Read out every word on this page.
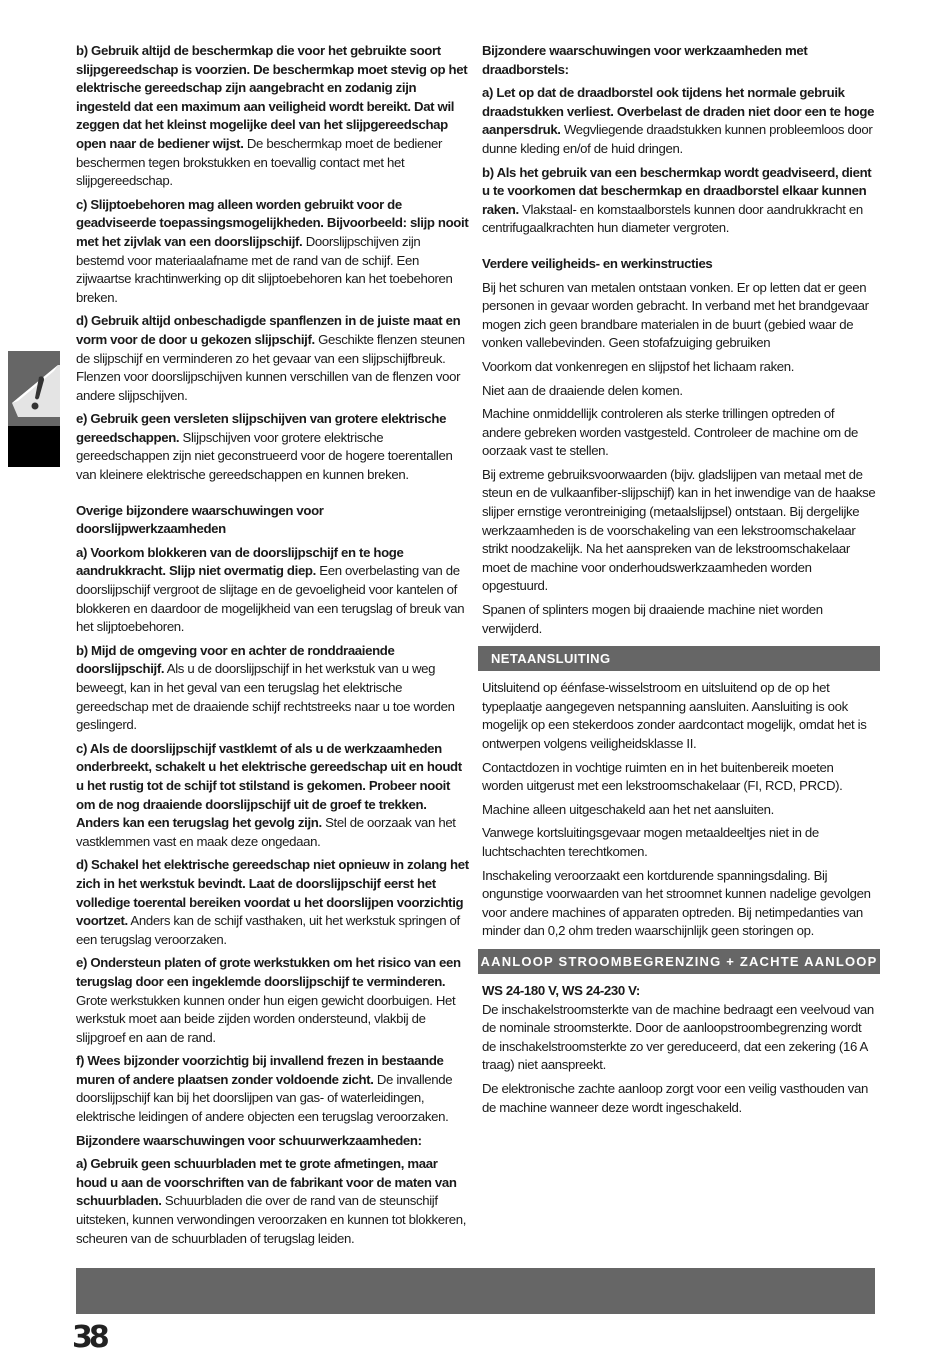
b) Gebruik altijd de beschermkap die voor het gebruikte soort slijpgereedschap is voorzien. De beschermkap moet stevig op het elektrische gereedschap zijn aangebracht en zodanig zijn ingesteld dat een maximum aan veiligheid wordt bereikt. Dat wil zeggen dat het kleinst mogelijke deel van het slijpgereedschap open naar de bediener wijst. De beschermkap moet de bediener beschermen tegen brokstukken en toevallig contact met het slijpgereedschap.

c) Slijptoebehoren mag alleen worden gebruikt voor de geadviseerde toepassingsmogelijkheden. Bijvoorbeeld: slijp nooit met het zijvlak van een doorslijpschijf. Doorslijpschijven zijn bestemd voor materiaalafname met de rand van de schijf. Een zijwaartse krachtinwerking op dit slijptoebehoren kan het toebehoren breken.

d) Gebruik altijd onbeschadigde spanflenzen in de juiste maat en vorm voor de door u gekozen slijpschijf. Geschikte flenzen steunen de slijpschijf en verminderen zo het gevaar van een slijpschijfbreuk. Flenzen voor doorslijpschijven kunnen verschillen van de flenzen voor andere slijpschijven.

e) Gebruik geen versleten slijpschijven van grotere elektrische gereedschappen. Slijpschijven voor grotere elektrische gereedschappen zijn niet geconstrueerd voor de hogere toerentallen van kleinere elektrische gereedschappen en kunnen breken.

Overige bijzondere waarschuwingen voor doorslijpwerkzaamheden

a) Voorkom blokkeren van de doorslijpschijf en te hoge aandrukkracht. Slijp niet overmatig diep. Een overbelasting van de doorslijpschijf vergroot de slijtage en de gevoeligheid voor kantelen of blokkeren en daardoor de mogelijkheid van een terugslag of breuk van het slijptoebehoren.

b) Mijd de omgeving voor en achter de ronddraaiende doorslijpschijf. Als u de doorslijpschijf in het werkstuk van u weg beweegt, kan in het geval van een terugslag het elektrische gereedschap met de draaiende schijf rechtstreeks naar u toe worden geslingerd.

c) Als de doorslijpschijf vastklemt of als u de werkzaamheden onderbreekt, schakelt u het elektrische gereedschap uit en houdt u het rustig tot de schijf tot stilstand is gekomen. Probeer nooit om de nog draaiende doorslijpschijf uit de groef te trekken. Anders kan een terugslag het gevolg zijn. Stel de oorzaak van het vastklemmen vast en maak deze ongedaan.

d) Schakel het elektrische gereedschap niet opnieuw in zolang het zich in het werkstuk bevindt. Laat de doorslijpschijf eerst het volledige toerental bereiken voordat u het doorslijpen voorzichtig voortzet. Anders kan de schijf vasthaken, uit het werkstuk springen of een terugslag veroorzaken.

e) Ondersteun platen of grote werkstukken om het risico van een terugslag door een ingeklemde doorslijpschijf te verminderen. Grote werkstukken kunnen onder hun eigen gewicht doorbuigen. Het werkstuk moet aan beide zijden worden ondersteund, vlakbij de slijpgroef en aan de rand.

f) Wees bijzonder voorzichtig bij invallend frezen in bestaande muren of andere plaatsen zonder voldoende zicht. De invallende doorslijpschijf kan bij het doorslijpen van gas- of waterleidingen, elektrische leidingen of andere objecten een terugslag veroorzaken.

Bijzondere waarschuwingen voor schuurwerkzaamheden:

a) Gebruik geen schuurbladen met te grote afmetingen, maar houd u aan de voorschriften van de fabrikant voor de maten van schuurbladen. Schuurbladen die over de rand van de steunschijf uitsteken, kunnen verwondingen veroorzaken en kunnen tot blokkeren, scheuren van de schuurbladen of terugslag leiden.

Bijzondere waarschuwingen voor werkzaamheden met draadborstels:

a) Let op dat de draadborstel ook tijdens het normale gebruik draadstukken verliest. Overbelast de draden niet door een te hoge aanpersdruk. Wegvliegende draadstukken kunnen probleemloos door dunne kleding en/of de huid dringen.

b) Als het gebruik van een beschermkap wordt geadviseerd, dient u te voorkomen dat beschermkap en draadborstel elkaar kunnen raken. Vlakstaal- en komstaalborstels kunnen door aandrukkracht en centrifugaalkrachten hun diameter vergroten.

Verdere veiligheids- en werkinstructies

Bij het schuren van metalen ontstaan vonken. Er op letten dat er geen personen in gevaar worden gebracht. In verband met het brandgevaar mogen zich geen brandbare materialen in de buurt (gebied waar de vonken vallebevinden. Geen stofafzuiging gebruiken

Voorkom dat vonkenregen en slijpstof het lichaam raken.

Niet aan de draaiende delen komen.

Machine onmiddellijk controleren als sterke trillingen optreden of andere gebreken worden vastgesteld. Controleer de machine om de oorzaak vast te stellen.

Bij extreme gebruiksvoorwaarden (bijv. gladslijpen van metaal met de steun en de vulkaanfiber-slijpschijf) kan in het inwendige van de haakse slijper ernstige verontreiniging (metaalslijpsel) ontstaan. Bij dergelijke werkzaamheden is de voorschakeling van een lekstroomschakelaar strikt noodzakelijk. Na het aanspreken van de lekstroomschakelaar moet de machine voor onderhoudswerkzaamheden worden opgestuurd.

Spanen of splinters mogen bij draaiende machine niet worden verwijderd.

NETAANSLUITING

Uitsluitend op éénfase-wisselstroom en uitsluitend op de op het typeplaatje aangegeven netspanning aansluiten. Aansluiting is ook mogelijk op een stekerdoos zonder aardcontact mogelijk, omdat het is ontwerpen volgens veiligheidsklasse II.

Contactdozen in vochtige ruimten en in het buitenbereik moeten worden uitgerust met een lekstroomschakelaar (FI, RCD, PRCD).

Machine alleen uitgeschakeld aan het net aansluiten.

Vanwege kortsluitingsgevaar mogen metaaldeeltjes niet in de luchtschachten terechtkomen.

Inschakeling veroorzaakt een kortdurende spanningsdaling. Bij ongunstige voorwaarden van het stroomnet kunnen nadelige gevolgen voor andere machines of apparaten optreden. Bij netimpedanties van minder dan 0,2 ohm treden waarschijnlijk geen storingen op.

AANLOOP STROOMBEGRENZING + ZACHTE AANLOOP

WS 24-180 V, WS 24-230 V:

De inschakelstroomsterkte van de machine bedraagt een veelvoud van de nominale stroomsterkte. Door de aanloopstroombegrenzing wordt de inschakelstroomsterkte zo ver gereduceerd, dat een zekering (16 A traag) niet aanspreekt.

De elektronische zachte aanloop zorgt voor een veilig vasthouden van de machine wanneer deze wordt ingeschakeld.

38
